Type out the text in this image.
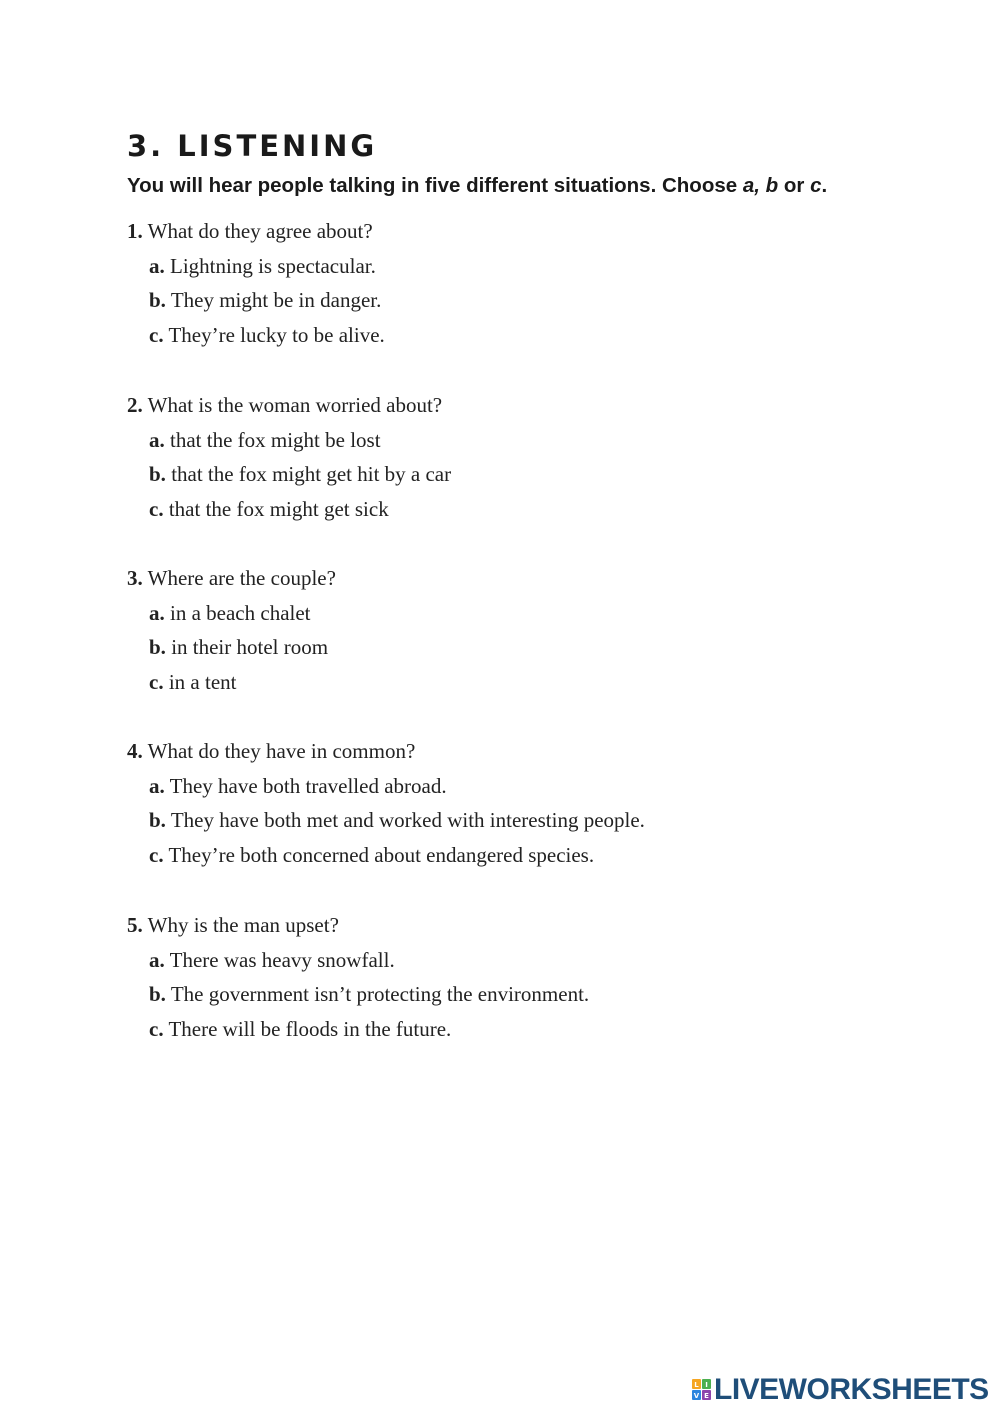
3. LISTENING

You will hear people talking in five different situations. Choose a, b or c.

1. What do they agree about?
a. Lightning is spectacular.
b. They might be in danger.
c. They’re lucky to be alive.
2. What is the woman worried about?
a. that the fox might be lost
b. that the fox might get hit by a car
c. that the fox might get sick
3. Where are the couple?
a. in a beach chalet
b. in their hotel room
c. in a tent
4. What do they have in common?
a. They have both travelled abroad.
b. They have both met and worked with interesting people.
c. They’re both concerned about endangered species.
5. Why is the man upset?
a. There was heavy snowfall.
b. The government isn’t protecting the environment.
c. There will be floods in the future.
L I
V E LIVEWORKSHEETS
